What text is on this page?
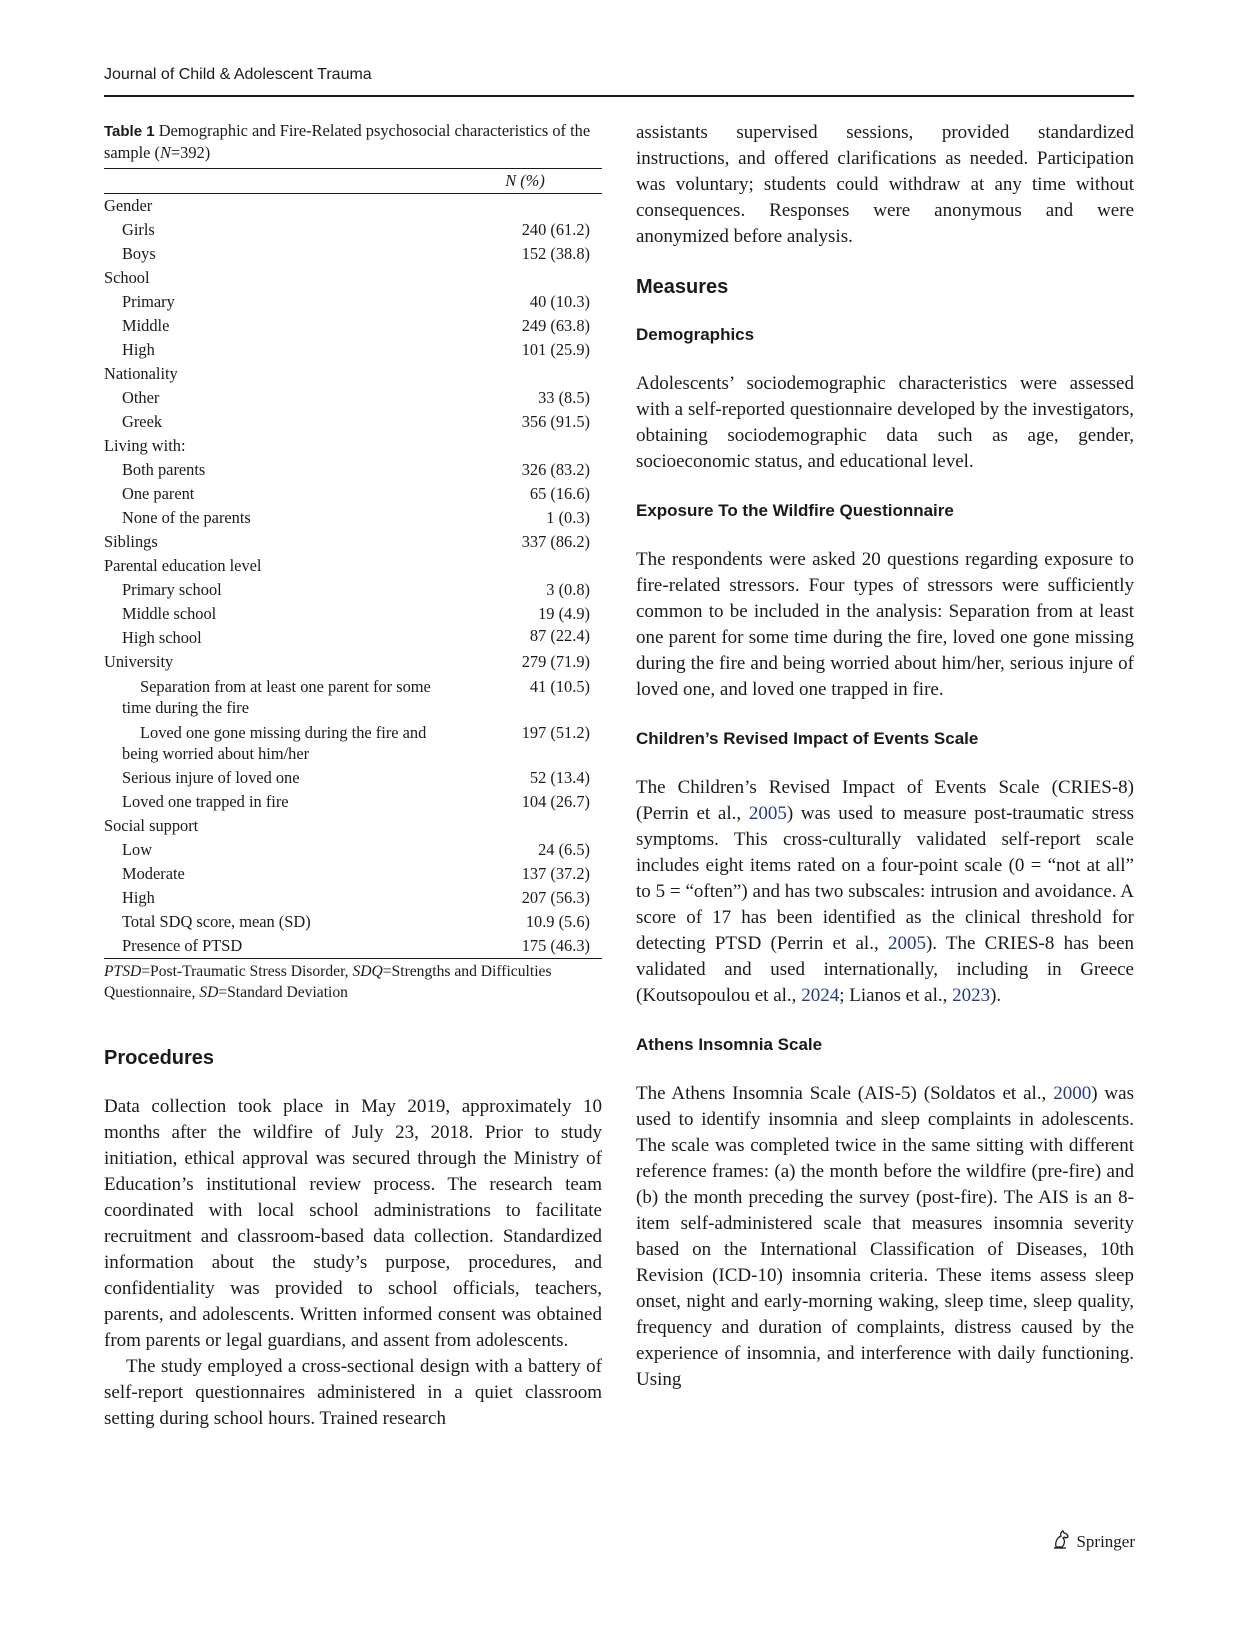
Journal of Child & Adolescent Trauma

Table 1 Demographic and Fire-Related psychosocial characteristics of the sample (N=392)

	N (%)
Gender	
Girls	240 (61.2)
Boys	152 (38.8)
School	
Primary	40 (10.3)
Middle	249 (63.8)
High	101 (25.9)
Nationality	
Other	33 (8.5)
Greek	356 (91.5)
Living with:	
Both parents	326 (83.2)
One parent	65 (16.6)
None of the parents	1 (0.3)
Siblings	337 (86.2)
Parental education level	
Primary school	3 (0.8)
Middle school	19 (4.9)
High school	87 (22.4)
University	279 (71.9)
Separation from at least one parent for some time during the fire	41 (10.5)
Loved one gone missing during the fire and being worried about him/her	197 (51.2)
Serious injure of loved one	52 (13.4)
Loved one trapped in fire	104 (26.7)
Social support	
Low	24 (6.5)
Moderate	137 (37.2)
High	207 (56.3)
Total SDQ score, mean (SD)	10.9 (5.6)
Presence of PTSD	175 (46.3)

PTSD=Post-Traumatic Stress Disorder, SDQ=Strengths and Difficulties Questionnaire, SD=Standard Deviation

Procedures

Data collection took place in May 2019, approximately 10 months after the wildfire of July 23, 2018. Prior to study initiation, ethical approval was secured through the Ministry of Education’s institutional review process. The research team coordinated with local school administrations to facilitate recruitment and classroom-based data collection. Standardized information about the study’s purpose, procedures, and confidentiality was provided to school officials, teachers, parents, and adolescents. Written informed consent was obtained from parents or legal guardians, and assent from adolescents.

The study employed a cross-sectional design with a battery of self-report questionnaires administered in a quiet classroom setting during school hours. Trained research

assistants supervised sessions, provided standardized instructions, and offered clarifications as needed. Participation was voluntary; students could withdraw at any time without consequences. Responses were anonymous and were anonymized before analysis.

Measures
Demographics

Adolescents’ sociodemographic characteristics were assessed with a self-reported questionnaire developed by the investigators, obtaining sociodemographic data such as age, gender, socioeconomic status, and educational level.

Exposure To the Wildfire Questionnaire

The respondents were asked 20 questions regarding exposure to fire-related stressors. Four types of stressors were sufficiently common to be included in the analysis: Separation from at least one parent for some time during the fire, loved one gone missing during the fire and being worried about him/her, serious injure of loved one, and loved one trapped in fire.

Children’s Revised Impact of Events Scale

The Children’s Revised Impact of Events Scale (CRIES-8) (Perrin et al., 2005) was used to measure post-traumatic stress symptoms. This cross-culturally validated self-report scale includes eight items rated on a four-point scale (0 = “not at all” to 5 = “often”) and has two subscales: intrusion and avoidance. A score of 17 has been identified as the clinical threshold for detecting PTSD (Perrin et al., 2005). The CRIES-8 has been validated and used internationally, including in Greece (Koutsopoulou et al., 2024; Lianos et al., 2023).

Athens Insomnia Scale

The Athens Insomnia Scale (AIS-5) (Soldatos et al., 2000) was used to identify insomnia and sleep complaints in adolescents. The scale was completed twice in the same sitting with different reference frames: (a) the month before the wildfire (pre-fire) and (b) the month preceding the survey (post-fire). The AIS is an 8-item self-administered scale that measures insomnia severity based on the International Classification of Diseases, 10th Revision (ICD-10) insomnia criteria. These items assess sleep onset, night and early-morning waking, sleep time, sleep quality, frequency and duration of complaints, distress caused by the experience of insomnia, and interference with daily functioning. Using

Springer
